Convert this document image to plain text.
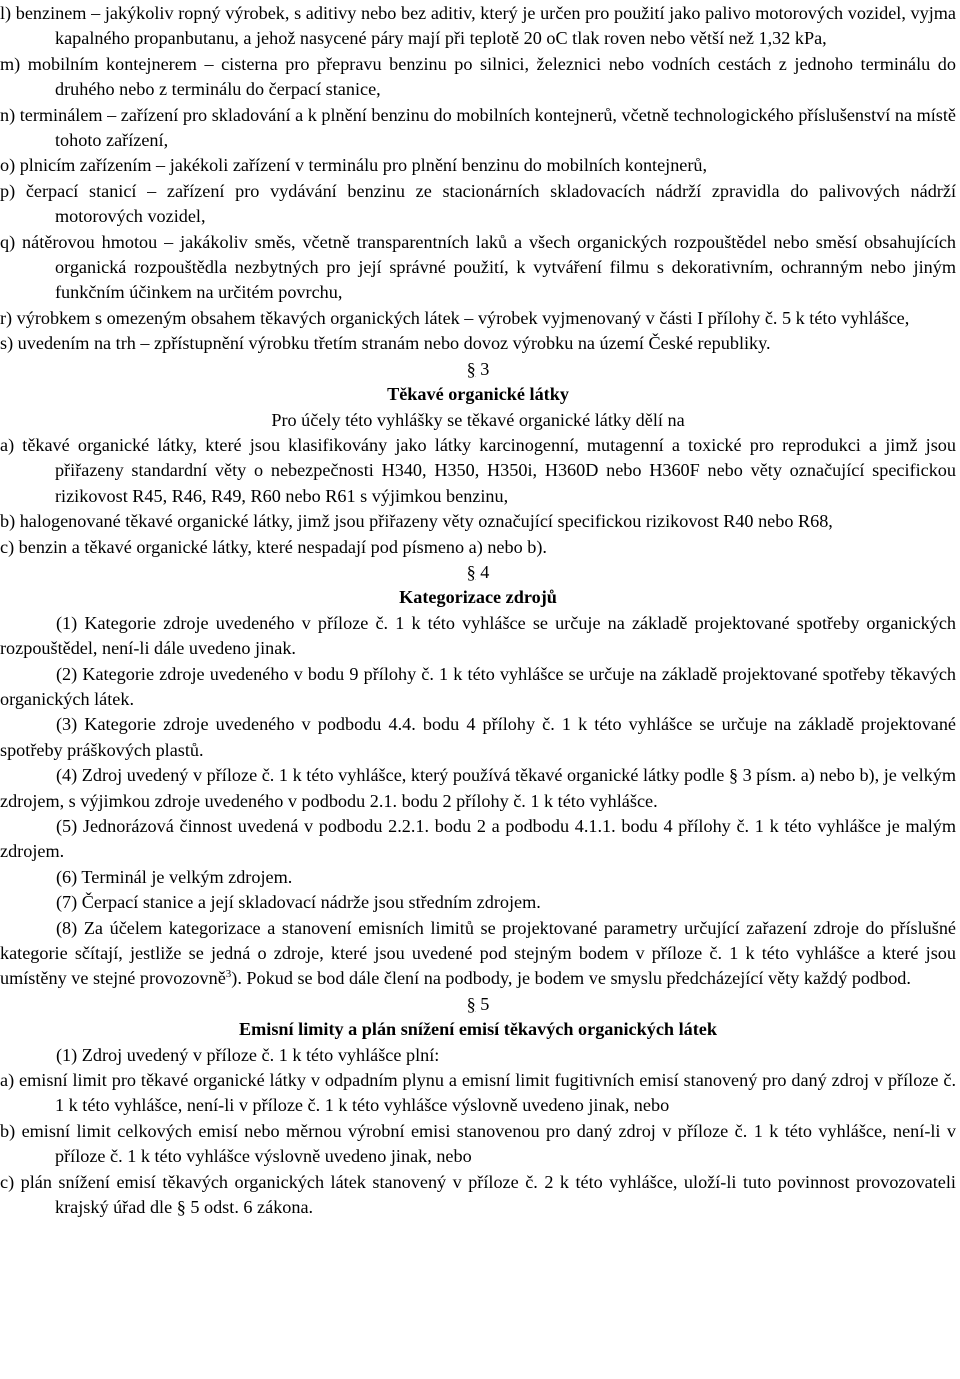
l) benzinem – jakýkoliv ropný výrobek, s aditivy nebo bez aditiv, který je určen pro použití jako palivo motorových vozidel, vyjma kapalného propanbutanu, a jehož nasycené páry mají při teplotě 20 oC tlak roven nebo větší než 1,32 kPa,

m) mobilním kontejnerem – cisterna pro přepravu benzinu po silnici, železnici nebo vodních cestách z jednoho terminálu do druhého nebo z terminálu do čerpací stanice,

n) terminálem – zařízení pro skladování a k plnění benzinu do mobilních kontejnerů, včetně technologického příslušenství na místě tohoto zařízení,

o) plnicím zařízením – jakékoli zařízení v terminálu pro plnění benzinu do mobilních kontejnerů,

p) čerpací stanicí – zařízení pro vydávání benzinu ze stacionárních skladovacích nádrží zpravidla do palivových nádrží motorových vozidel,

q) nátěrovou hmotou – jakákoliv směs, včetně transparentních laků a všech organických rozpouštědel nebo směsí obsahujících organická rozpouštědla nezbytných pro její správné použití, k vytváření filmu s dekorativním, ochranným nebo jiným funkčním účinkem na určitém povrchu,

r) výrobkem s omezeným obsahem těkavých organických látek – výrobek vyjmenovaný v části I přílohy č. 5 k této vyhlášce,

s) uvedením na trh – zpřístupnění výrobku třetím stranám nebo dovoz výrobku na území České republiky.

§ 3

Těkavé organické látky

Pro účely této vyhlášky se těkavé organické látky dělí na

a) těkavé organické látky, které jsou klasifikovány jako látky karcinogenní, mutagenní a toxické pro reprodukci a jimž jsou přiřazeny standardní věty o nebezpečnosti H340, H350, H350i, H360D nebo H360F nebo věty označující specifickou rizikovost R45, R46, R49, R60 nebo R61 s výjimkou benzinu,

b) halogenované těkavé organické látky, jimž jsou přiřazeny věty označující specifickou rizikovost R40 nebo R68,

c) benzin a těkavé organické látky, které nespadají pod písmeno a) nebo b).

§ 4

Kategorizace zdrojů

(1) Kategorie zdroje uvedeného v příloze č. 1 k této vyhlášce se určuje na základě projektované spotřeby organických rozpouštědel, není-li dále uvedeno jinak.

(2) Kategorie zdroje uvedeného v bodu 9 přílohy č. 1 k této vyhlášce se určuje na základě projektované spotřeby těkavých organických látek.

(3) Kategorie zdroje uvedeného v podbodu 4.4. bodu 4 přílohy č. 1 k této vyhlášce se určuje na základě projektované spotřeby práškových plastů.

(4) Zdroj uvedený v příloze č. 1 k této vyhlášce, který používá těkavé organické látky podle § 3 písm. a) nebo b), je velkým zdrojem, s výjimkou zdroje uvedeného v podbodu 2.1. bodu 2 přílohy č. 1 k této vyhlášce.

(5) Jednorázová činnost uvedená v podbodu 2.2.1. bodu 2 a podbodu 4.1.1. bodu 4 přílohy č. 1 k této vyhlášce je malým zdrojem.

(6) Terminál je velkým zdrojem.

(7) Čerpací stanice a její skladovací nádrže jsou středním zdrojem.

(8) Za účelem kategorizace a stanovení emisních limitů se projektované parametry určující zařazení zdroje do příslušné kategorie sčítají, jestliže se jedná o zdroje, které jsou uvedené pod stejným bodem v příloze č. 1 k této vyhlášce a které jsou umístěny ve stejné provozovně$^3$). Pokud se bod dále člení na podbody, je bodem ve smyslu předcházející věty každý podbod.

§ 5

Emisní limity a plán snížení emisí těkavých organických látek

(1) Zdroj uvedený v příloze č. 1 k této vyhlášce plní:

a) emisní limit pro těkavé organické látky v odpadním plynu a emisní limit fugitivních emisí stanovený pro daný zdroj v příloze č. 1 k této vyhlášce, není-li v příloze č. 1 k této vyhlášce výslovně uvedeno jinak, nebo

b) emisní limit celkových emisí nebo měrnou výrobní emisi stanovenou pro daný zdroj v příloze č. 1 k této vyhlášce, není-li v příloze č. 1 k této vyhlášce výslovně uvedeno jinak, nebo

c) plán snížení emisí těkavých organických látek stanovený v příloze č. 2 k této vyhlášce, uloží-li tuto povinnost provozovateli krajský úřad dle § 5 odst. 6 zákona.
